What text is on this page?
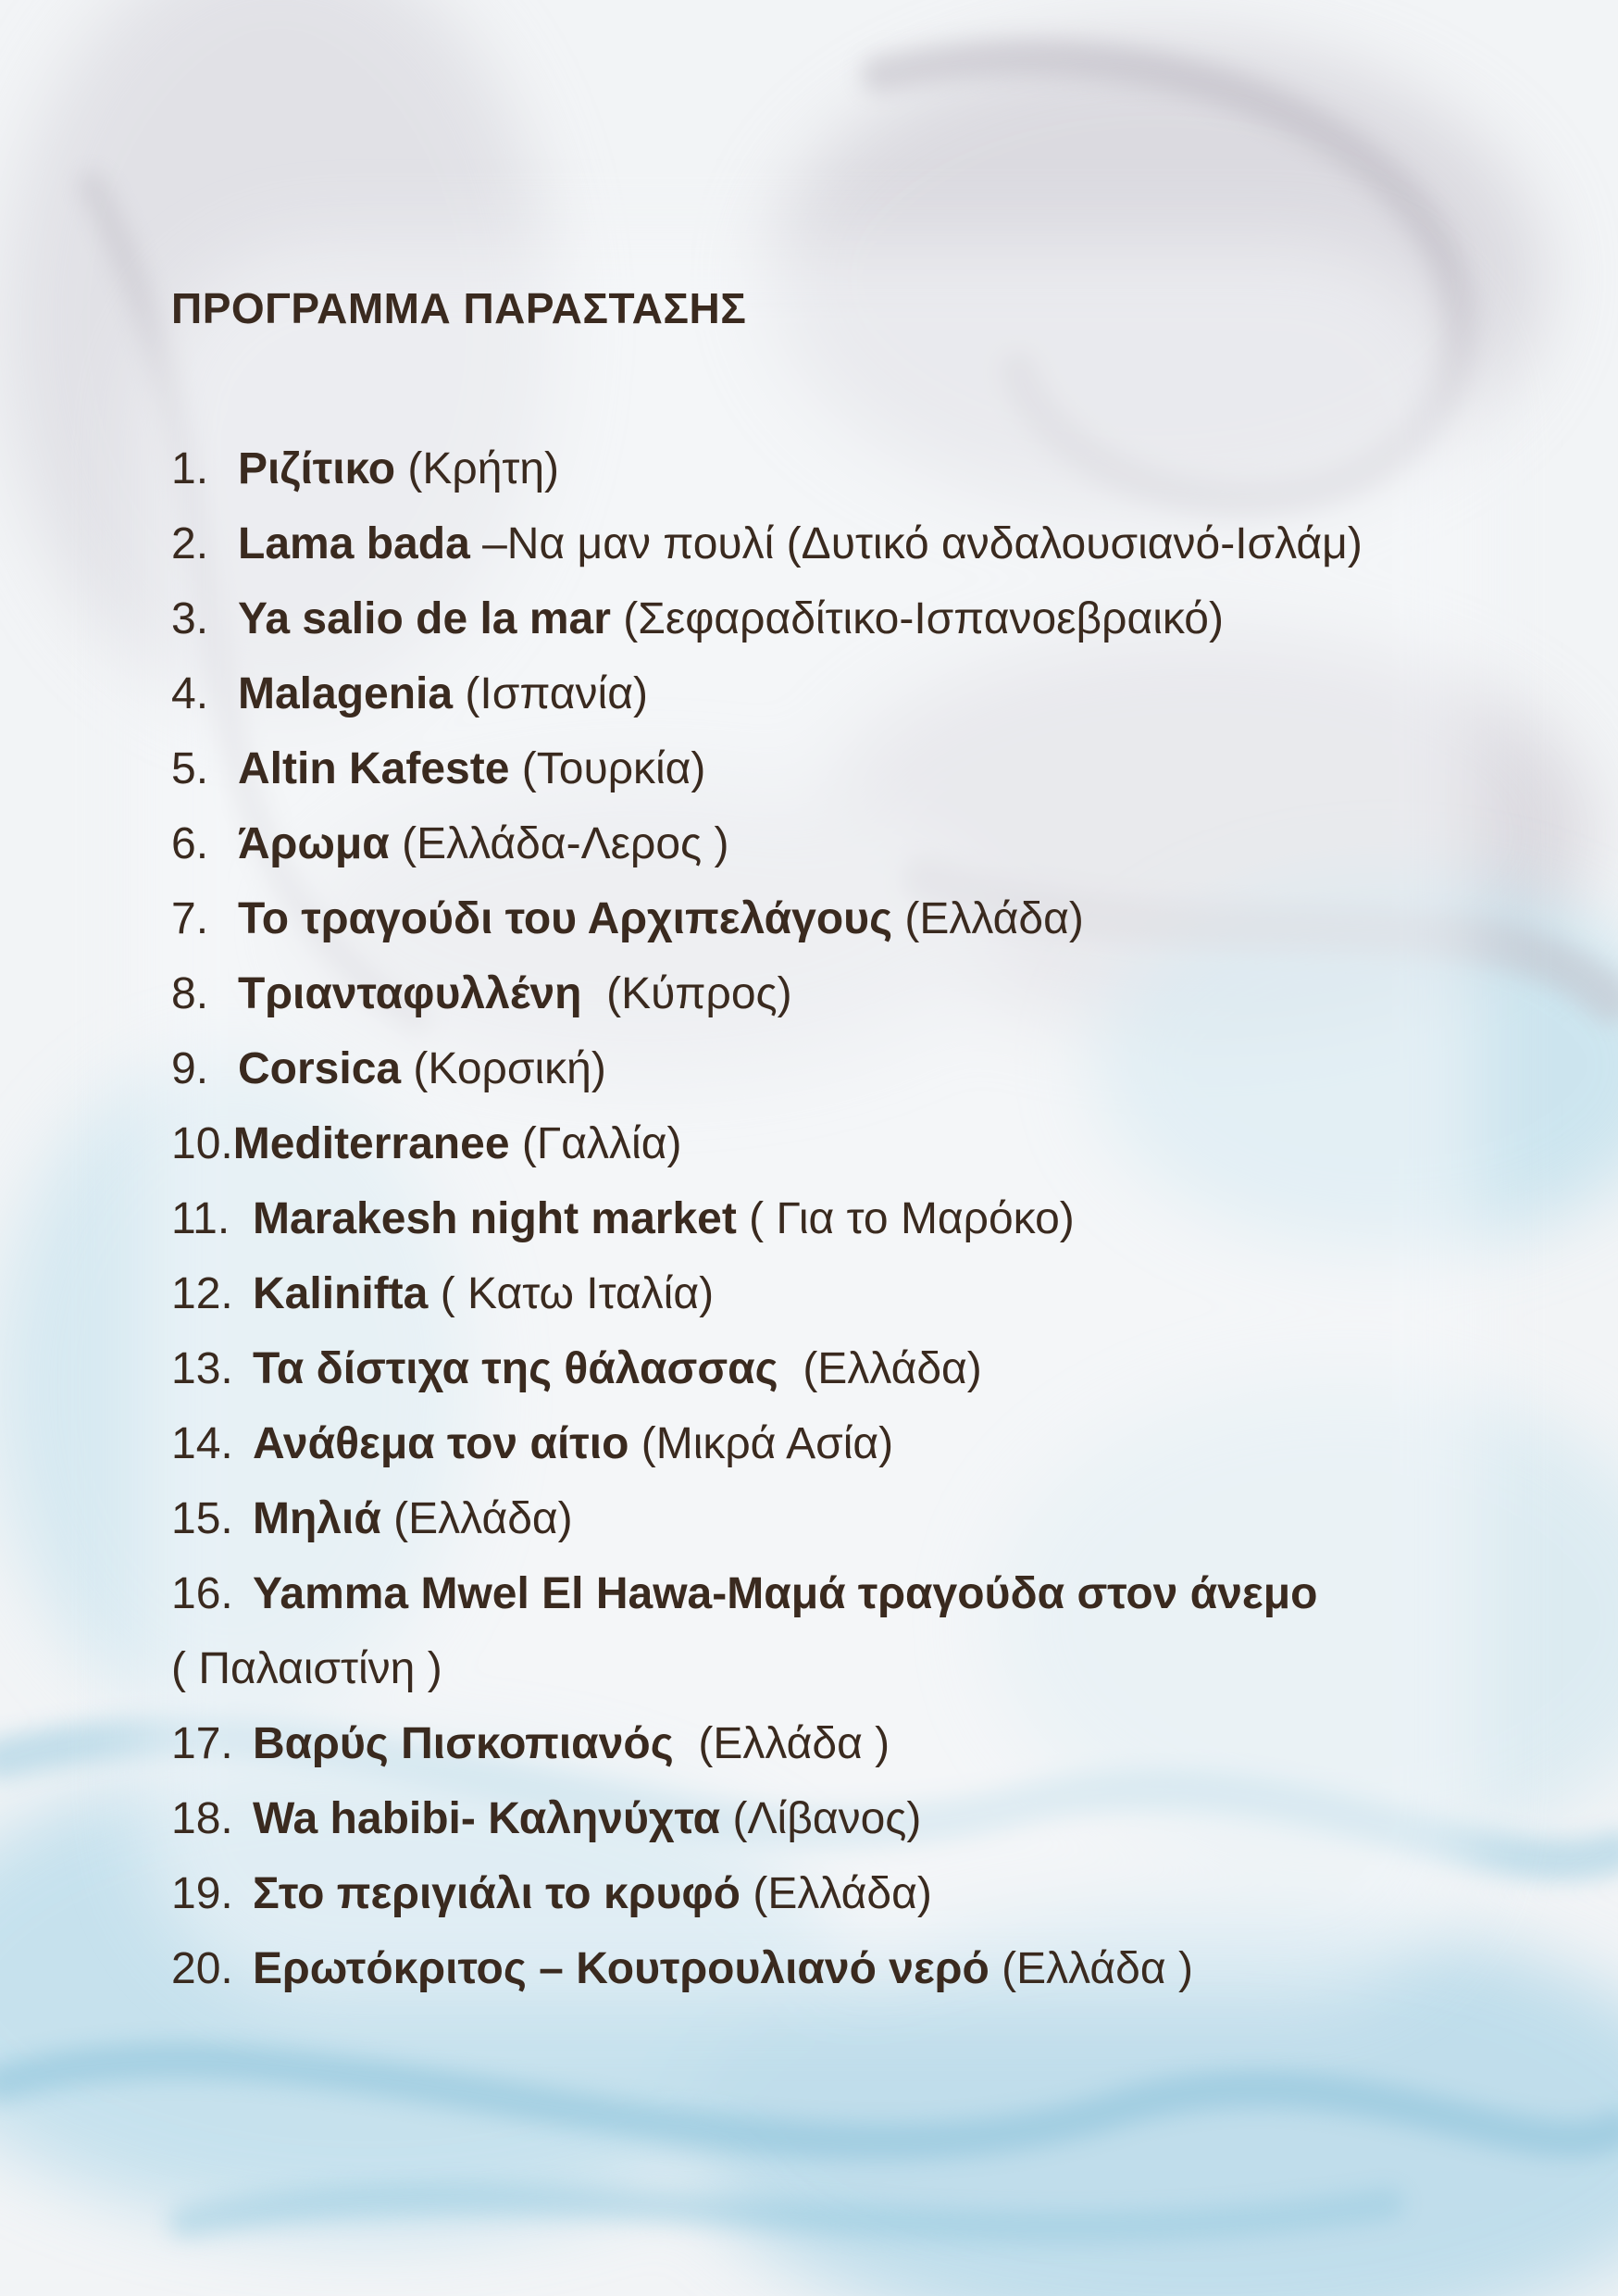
ΠΡΟΓΡΑΜΜΑ ΠΑΡΑΣΤΑΣΗΣ
1. Ριζίτικο (Κρήτη)
2. Lama bada –Να μαν πουλί (Δυτικό ανδαλουσιανό-Ισλάμ)
3. Ya salio de la mar (Σεφαραδίτικο-Ισπανοεβραικό)
4. Malagenia (Ισπανία)
5. Altin Kafeste (Τουρκία)
6. Άρωμα (Ελλάδα-Λερος )
7. Το τραγούδι του Αρχιπελάγους (Ελλάδα)
8. Τριανταφυλλένη (Κύπρος)
9. Corsica (Κορσική)
10. Mediterranee (Γαλλία)
11. Marakesh night market ( Για το Μαρόκο)
12. Kalinifta ( Κατω Ιταλία)
13. Τα δίστιχα της θάλασσας (Ελλάδα)
14. Ανάθεμα τον αίτιο (Μικρά Ασία)
15. Μηλιά (Ελλάδα)
16. Yamma Mwel El Hawa-Μαμά τραγούδα στον άνεμο
( Παλαιστίνη )
17. Βαρύς Πισκοπιανός (Ελλάδα )
18. Wa habibi- Καληνύχτα (Λίβανος)
19. Στο περιγιάλι το κρυφό (Ελλάδα)
20. Ερωτόκριτος – Κουτρουλιανό νερό (Ελλάδα )
